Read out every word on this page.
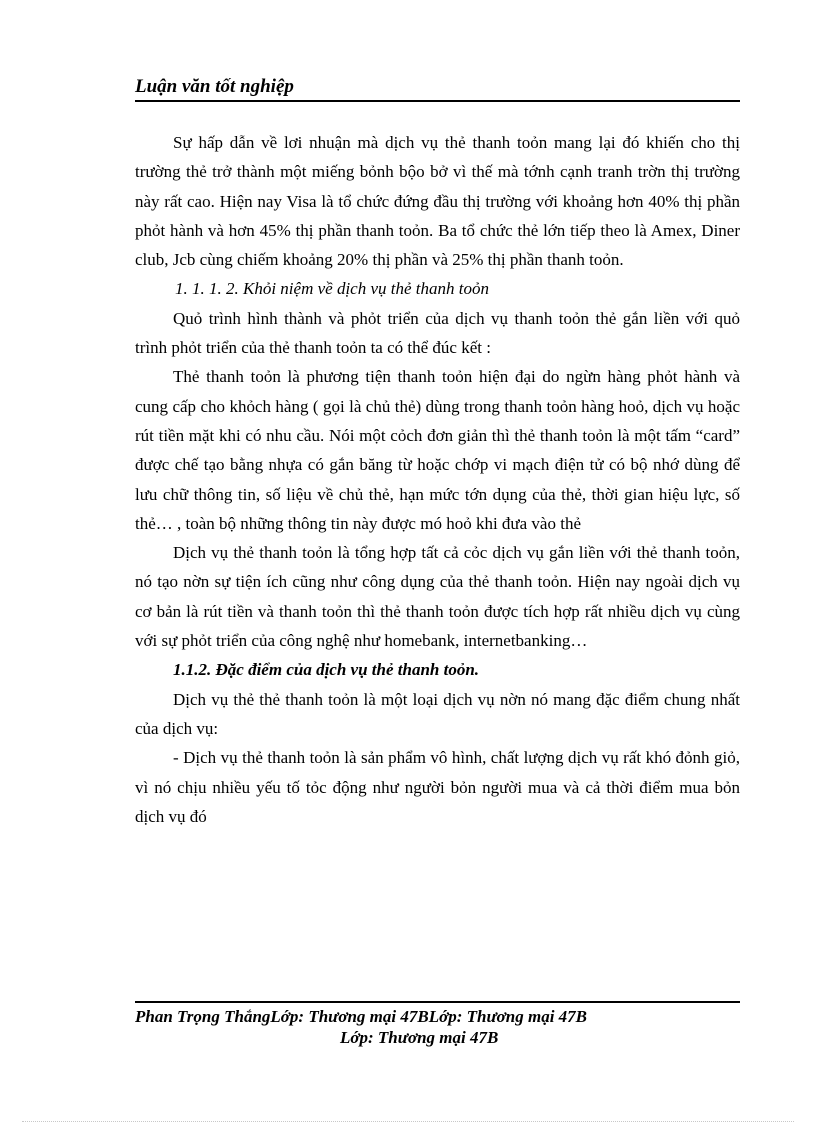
Luận văn tốt nghiệp

Sự hấp dẫn về lơi nhuận mà dịch vụ thẻ thanh toỏn mang lại đó khiến cho thị trường thẻ trở thành một miếng bỏnh bộo bở vì thế mà tớnh cạnh tranh trờn thị trường này rất cao. Hiện nay Visa là tổ chức đứng đầu thị trường với khoảng hơn 40% thị phần phỏt hành và hơn 45% thị phần thanh toỏn. Ba tổ chức thẻ lớn tiếp theo là Amex, Diner club, Jcb cùng chiếm khoảng 20% thị phần và 25% thị phần thanh toỏn.

1. 1. 1. 2. Khỏi niệm về dịch vụ thẻ thanh toỏn

Quỏ trình hình thành và phỏt triển của dịch vụ thanh toỏn thẻ gắn liền với quỏ trình phỏt triển của thẻ thanh toỏn ta có thể đúc kết :

Thẻ thanh toỏn là phương tiện thanh toỏn hiện đại do ngừn hàng phỏt hành và cung cấp cho khỏch hàng ( gọi là chủ thẻ) dùng trong thanh toỏn hàng hoỏ, dịch vụ hoặc rút tiền mặt khi có nhu cầu. Nói một cỏch đơn giản thì thẻ thanh toỏn là một tấm “card” được chế tạo bằng nhựa có gắn băng từ hoặc chớp vi mạch điện tử có bộ nhớ dùng để lưu chữ thông tin, số liệu về chủ thẻ, hạn mức tớn dụng của thẻ, thời gian hiệu lực, số thẻ… , toàn bộ những thông tin này được mó hoỏ khi đưa vào thẻ

Dịch vụ thẻ thanh toỏn là tổng hợp tất cả cỏc dịch vụ gắn liền với thẻ thanh toỏn, nó tạo nờn sự tiện ích cũng như công dụng của thẻ thanh toỏn. Hiện nay ngoài dịch vụ cơ bản là rút tiền và thanh toỏn thì thẻ thanh toỏn được tích hợp rất nhiều dịch vụ cùng với sự phỏt triển của công nghệ như homebank, internetbanking…

1.1.2. Đặc điểm của dịch vụ thẻ thanh toỏn.

Dịch vụ thẻ thẻ thanh toỏn là một loại dịch vụ nờn nó mang đặc điểm chung nhất của dịch vụ:

- Dịch vụ thẻ thanh toỏn là sản phẩm vô hình, chất lượng dịch vụ rất khó đỏnh giỏ, vì nó chịu nhiều yếu tố tỏc động như người bỏn người mua và cả thời điểm mua bỏn dịch vụ đó

Phan Trọng ThắngLớp: Thương mại 47BLớp: Thương mại 47B
Lớp: Thương mại 47B
